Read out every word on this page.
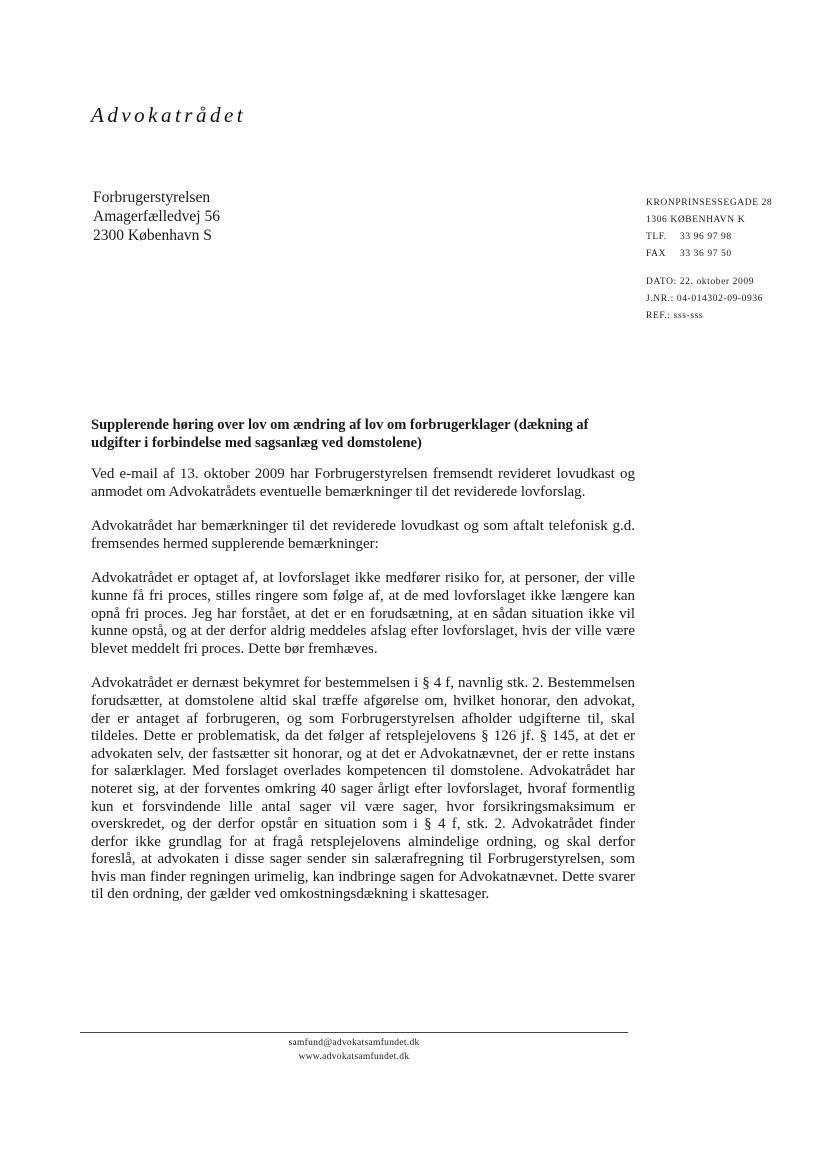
Advokatrådet
Forbrugerstyrelsen
Amagerfælledvej 56
2300 København S
KRONPRINSESSEGADE 28
1306 KØBENHAVN K
TLF. 33 96 97 98
FAX 33 36 97 50
DATO: 22. oktober 2009
J.NR.: 04-014302-09-0936
REF.: sss-sss
Supplerende høring over lov om ændring af lov om forbrugerklager (dækning af udgifter i forbindelse med sagsanlæg ved domstolene)

Ved e-mail af 13. oktober 2009 har Forbrugerstyrelsen fremsendt revideret lovudkast og anmodet om Advokatrådets eventuelle bemærkninger til det reviderede lovforslag.

Advokatrådet har bemærkninger til det reviderede lovudkast og som aftalt telefonisk g.d. fremsendes hermed supplerende bemærkninger:

Advokatrådet er optaget af, at lovforslaget ikke medfører risiko for, at personer, der ville kunne få fri proces, stilles ringere som følge af, at de med lovforslaget ikke længere kan opnå fri proces. Jeg har forstået, at det er en forudsætning, at en sådan situation ikke vil kunne opstå, og at der derfor aldrig meddeles afslag efter lovforslaget, hvis der ville være blevet meddelt fri proces. Dette bør fremhæves.

Advokatrådet er dernæst bekymret for bestemmelsen i § 4 f, navnlig stk. 2. Bestemmelsen forudsætter, at domstolene altid skal træffe afgørelse om, hvilket honorar, den advokat, der er antaget af forbrugeren, og som Forbrugerstyrelsen afholder udgifterne til, skal tildeles. Dette er problematisk, da det følger af retsplejelovens § 126 jf. § 145, at det er advokaten selv, der fastsætter sit honorar, og at det er Advokatnævnet, der er rette instans for salærklager. Med forslaget overlades kompetencen til domstolene. Advokatrådet har noteret sig, at der forventes omkring 40 sager årligt efter lovforslaget, hvoraf formentlig kun et forsvindende lille antal sager vil være sager, hvor forsikringsmaksimum er overskredet, og der derfor opstår en situation som i § 4 f, stk. 2. Advokatrådet finder derfor ikke grundlag for at fragå retsplejelovens almindelige ordning, og skal derfor foreslå, at advokaten i disse sager sender sin salærafregning til Forbrugerstyrelsen, som hvis man finder regningen urimelig, kan indbringe sagen for Advokatnævnet. Dette svarer til den ordning, der gælder ved omkostningsdækning i skattesager.

samfund@advokatsamfundet.dk
www.advokatsamfundet.dk
